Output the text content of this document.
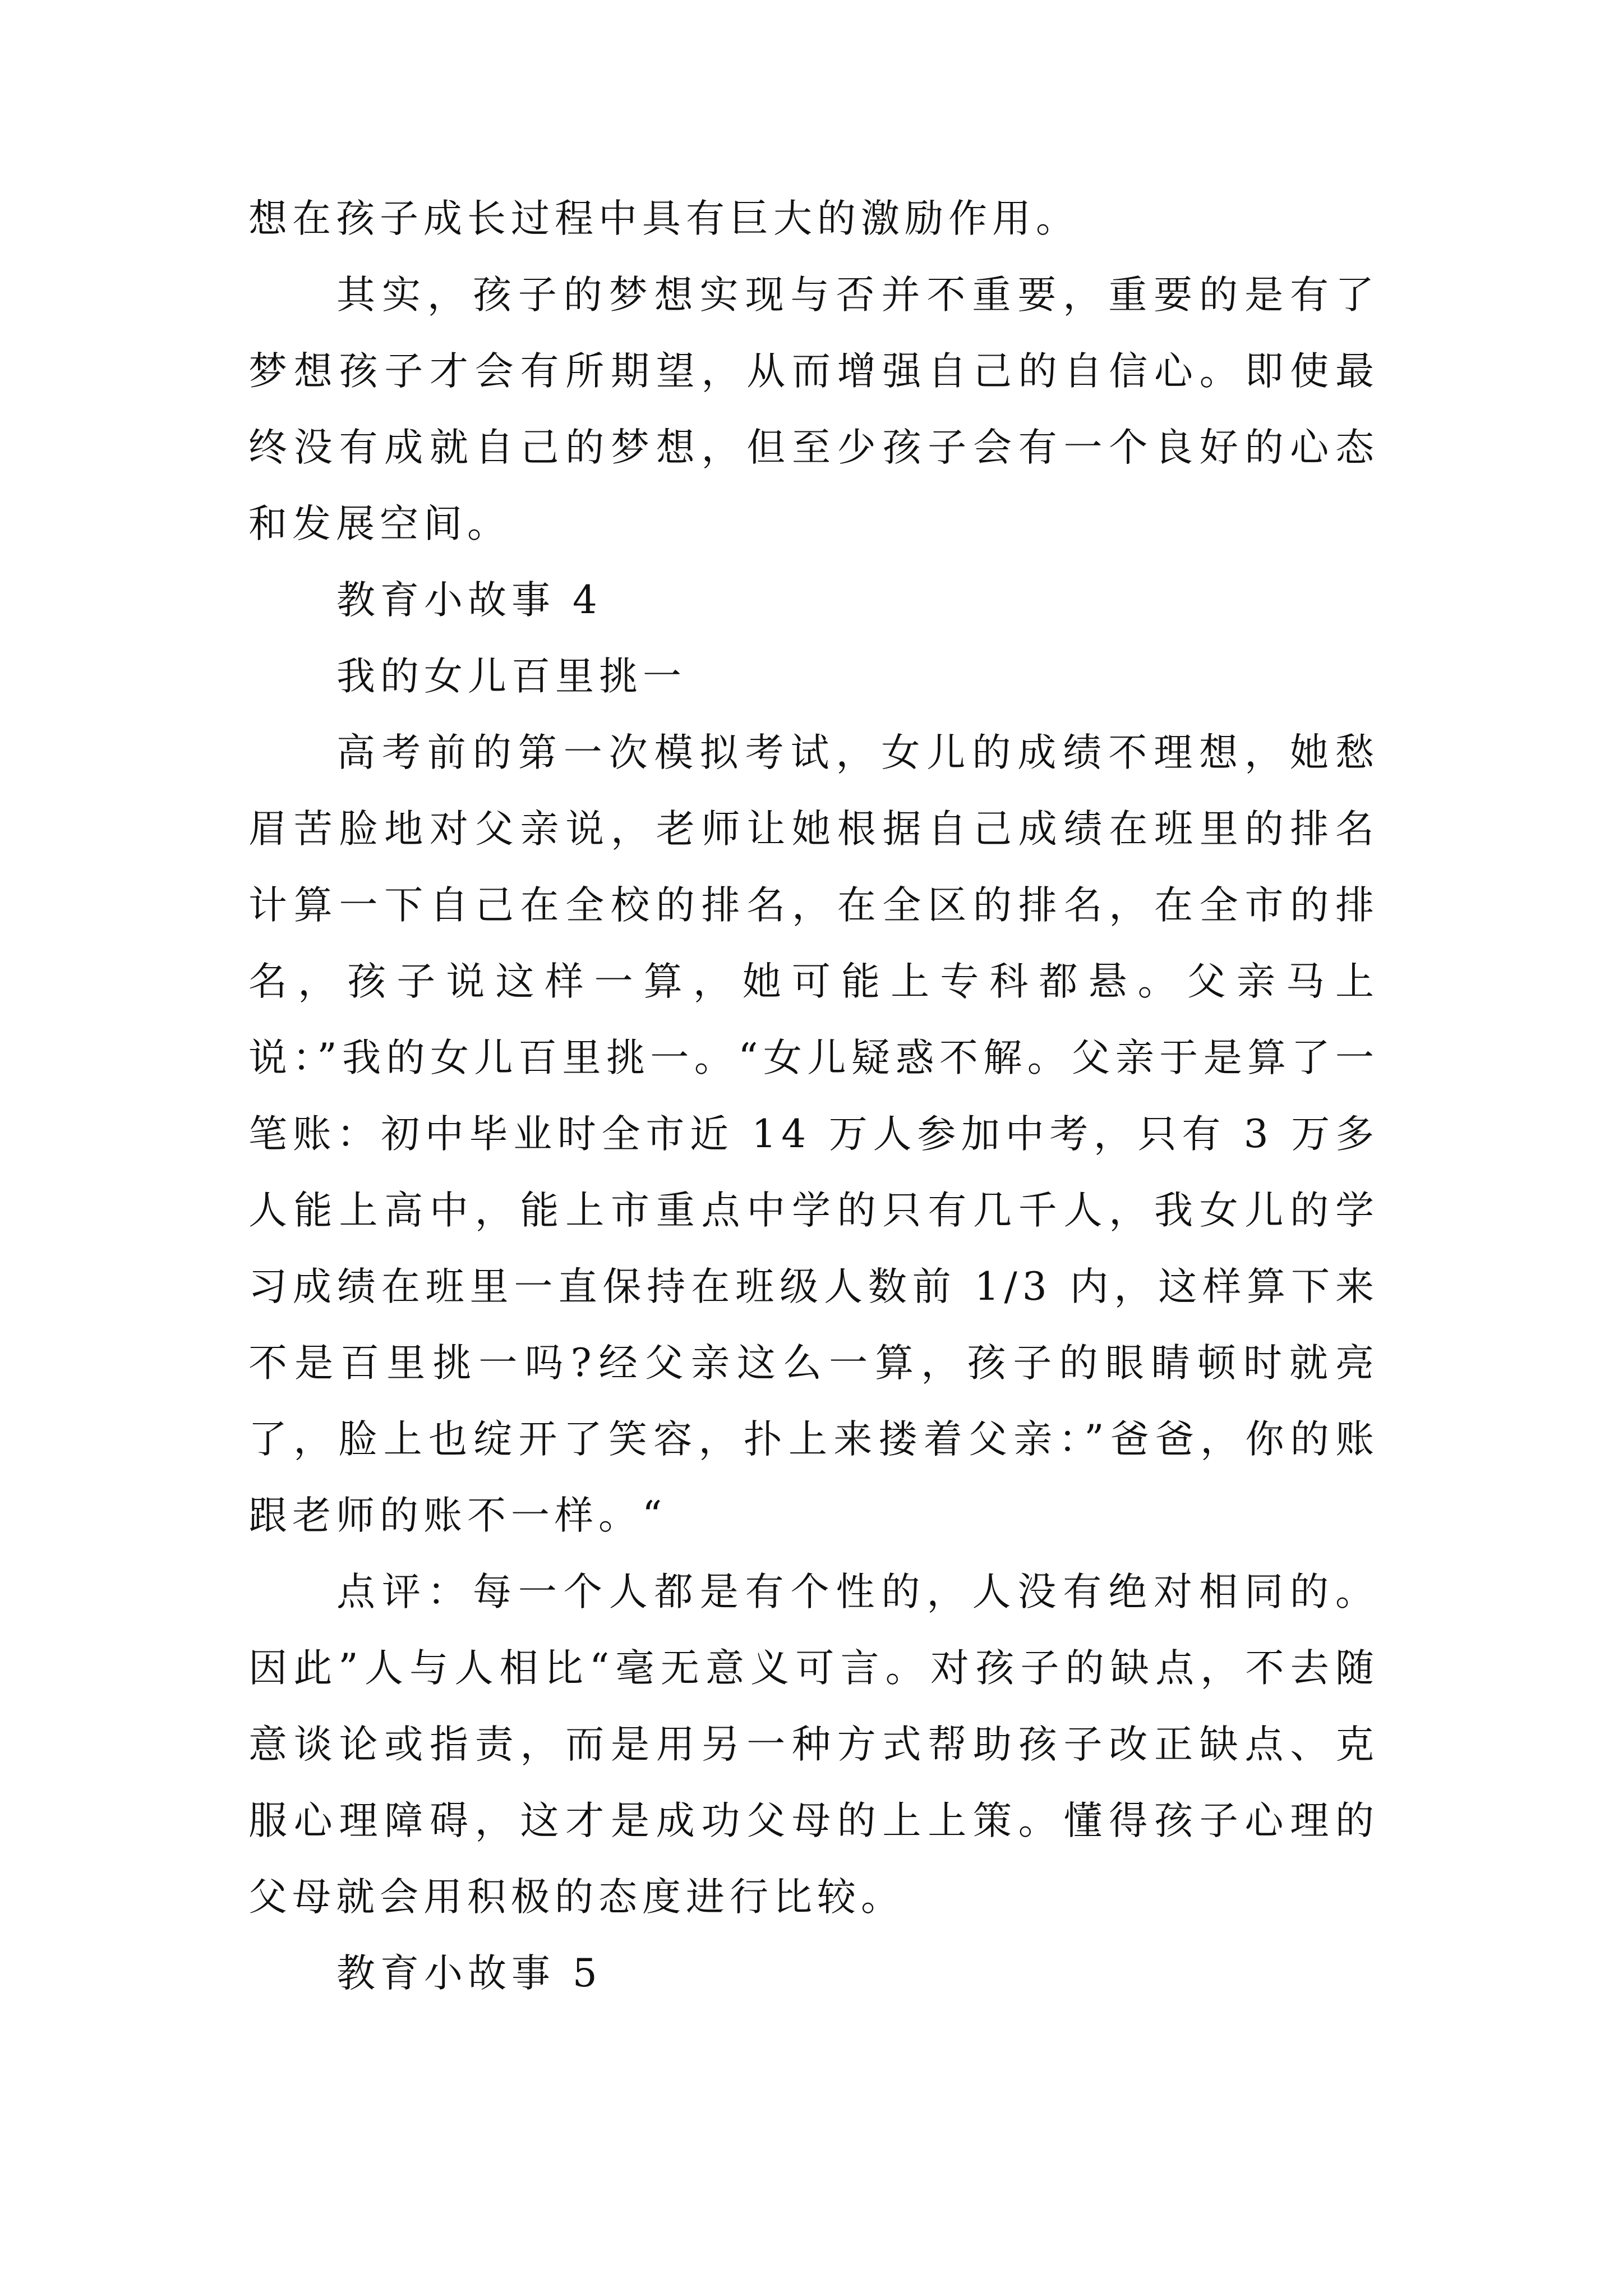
想在孩子成长过程中具有巨大的激励作用。

其实，孩子的梦想实现与否并不重要，重要的是有了梦想孩子才会有所期望，从而增强自己的自信心。即使最终没有成就自己的梦想，但至少孩子会有一个良好的心态和发展空间。

教育小故事 4

我的女儿百里挑一

高考前的第一次模拟考试，女儿的成绩不理想，她愁眉苦脸地对父亲说，老师让她根据自己成绩在班里的排名计算一下自己在全校的排名，在全区的排名，在全市的排名，孩子说这样一算，她可能上专科都悬。父亲马上说：”我的女儿百里挑一。“女儿疑惑不解。父亲于是算了一笔账：初中毕业时全市近 14 万人参加中考，只有 3 万多人能上高中，能上市重点中学的只有几千人，我女儿的学习成绩在班里一直保持在班级人数前 1/3 内，这样算下来不是百里挑一吗?经父亲这么一算，孩子的眼睛顿时就亮了，脸上也绽开了笑容，扑上来搂着父亲：”爸爸，你的账跟老师的账不一样。“

点评：每一个人都是有个性的，人没有绝对相同的。因此”人与人相比“毫无意义可言。对孩子的缺点，不去随意谈论或指责，而是用另一种方式帮助孩子改正缺点、克服心理障碍，这才是成功父母的上上策。懂得孩子心理的父母就会用积极的态度进行比较。

教育小故事 5
